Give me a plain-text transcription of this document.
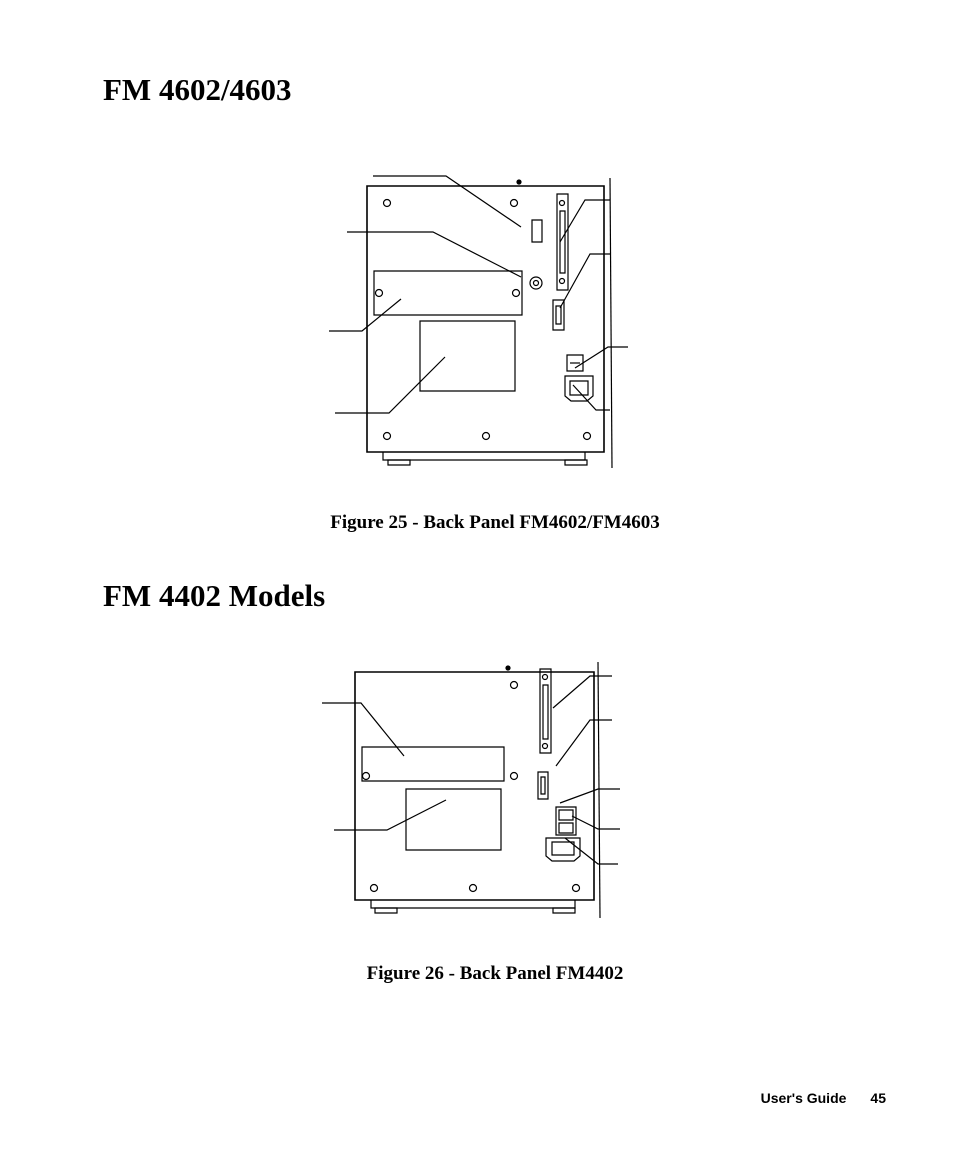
FM 4602/4603
Figure 25 - Back Panel FM4602/FM4603
FM 4402 Models
Figure 26 - Back Panel FM4402
User's Guide 45
